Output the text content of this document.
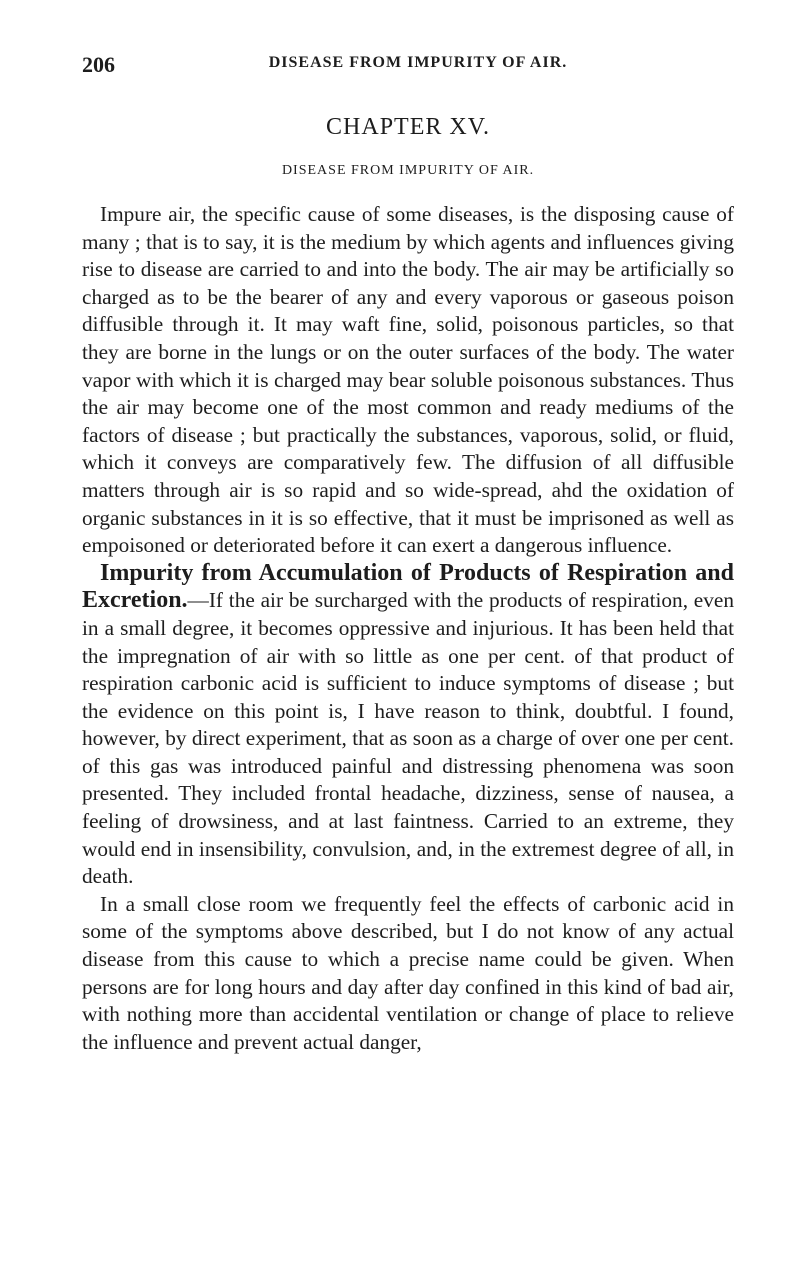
206	DISEASE FROM IMPURITY OF AIR.
CHAPTER XV.
DISEASE FROM IMPURITY OF AIR.

Impure air, the specific cause of some diseases, is the disposing cause of many ; that is to say, it is the medium by which agents and influences giving rise to disease are carried to and into the body. The air may be artificially so charged as to be the bearer of any and every vaporous or gaseous poison diffusible through it. It may waft fine, solid, poisonous particles, so that they are borne in the lungs or on the outer surfaces of the body. The water vapor with which it is charged may bear soluble poisonous substances. Thus the air may become one of the most common and ready mediums of the factors of disease ; but practically the substances, vaporous, solid, or fluid, which it conveys are comparatively few. The diffusion of all diffusible matters through air is so rapid and so wide-spread, ahd the oxidation of organic substances in it is so effective, that it must be imprisoned as well as empoisoned or deteriorated before it can exert a dangerous influence.

Impurity from Accumulation of Products of Respiration and Excretion.—If the air be surcharged with the products of respiration, even in a small degree, it becomes oppressive and injurious. It has been held that the impregnation of air with so little as one per cent. of that product of respiration carbonic acid is sufficient to induce symptoms of disease ; but the evidence on this point is, I have reason to think, doubtful. I found, however, by direct experiment, that as soon as a charge of over one per cent. of this gas was introduced painful and distressing phenomena was soon presented. They included frontal headache, dizziness, sense of nausea, a feeling of drowsiness, and at last faintness. Carried to an extreme, they would end in insensibility, convulsion, and, in the extremest degree of all, in death.

In a small close room we frequently feel the effects of carbonic acid in some of the symptoms above described, but I do not know of any actual disease from this cause to which a precise name could be given. When persons are for long hours and day after day confined in this kind of bad air, with nothing more than accidental ventilation or change of place to relieve the influence and prevent actual danger,
